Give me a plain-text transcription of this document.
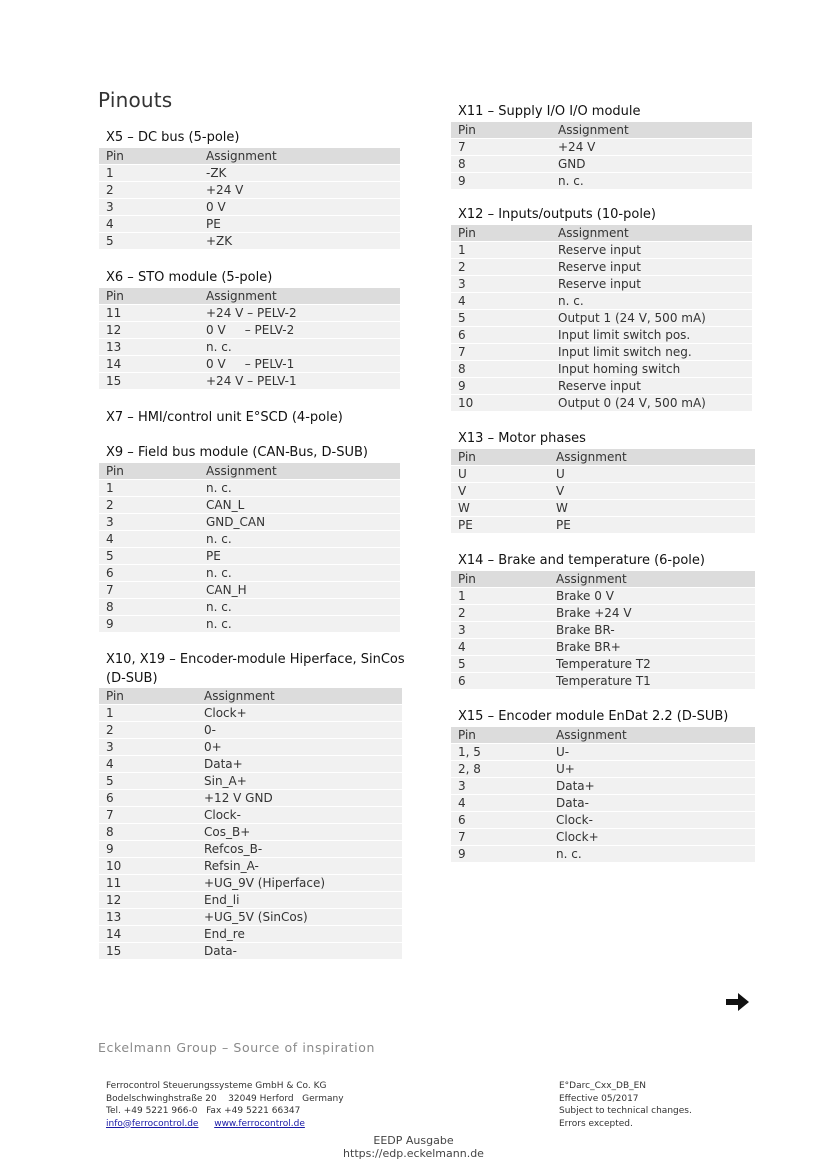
Pinouts
X5 – DC bus (5-pole)
Pin	Assignment
1	-ZK
2	+24 V
3	0 V
4	PE
5	+ZK
X6 – STO module (5-pole)
Pin	Assignment
11	+24 V – PELV-2
12	0 V     – PELV-2
13	n. c.
14	0 V     – PELV-1
15	+24 V – PELV-1
X7 – HMI/control unit E°SCD (4-pole)
X9 – Field bus module (CAN-Bus, D-SUB)
Pin	Assignment
1	n. c.
2	CAN_L
3	GND_CAN
4	n. c.
5	PE
6	n. c.
7	CAN_H
8	n. c.
9	n. c.
X10, X19 – Encoder-module Hiperface, SinCos (D-SUB)
Pin	Assignment
1	Clock+
2	0-
3	0+
4	Data+
5	Sin_A+
6	+12 V GND
7	Clock-
8	Cos_B+
9	Refcos_B-
10	Refsin_A-
11	+UG_9V (Hiperface)
12	End_li
13	+UG_5V (SinCos)
14	End_re
15	Data-
X11 – Supply I/O I/O module
Pin	Assignment
7	+24 V
8	GND
9	n. c.
X12 – Inputs/outputs (10-pole)
Pin	Assignment
1	Reserve input
2	Reserve input
3	Reserve input
4	n. c.
5	Output 1 (24 V, 500 mA)
6	Input limit switch pos.
7	Input limit switch neg.
8	Input homing switch
9	Reserve input
10	Output 0 (24 V, 500 mA)
X13 – Motor phases
Pin	Assignment
U	U
V	V
W	W
PE	PE
X14 – Brake and temperature (6-pole)
Pin	Assignment
1	Brake 0 V
2	Brake +24 V
3	Brake BR-
4	Brake BR+
5	Temperature T2
6	Temperature T1
X15 – Encoder module EnDat 2.2 (D-SUB)
Pin	Assignment
1, 5	U-
2, 8	U+
3	Data+
4	Data-
6	Clock-
7	Clock+
9	n. c.
Eckelmann Group – Source of inspiration
Ferrocontrol Steuerungssysteme GmbH & Co. KG
Bodelschwinghstraße 20    32049 Herford   Germany
Tel. +49 5221 966-0   Fax +49 5221 66347
info@ferrocontrol.de www.ferrocontrol.de
E°Darc_Cxx_DB_EN
Effective 05/2017
Subject to technical changes.
Errors excepted.
EEDP Ausgabe
https://edp.eckelmann.de
